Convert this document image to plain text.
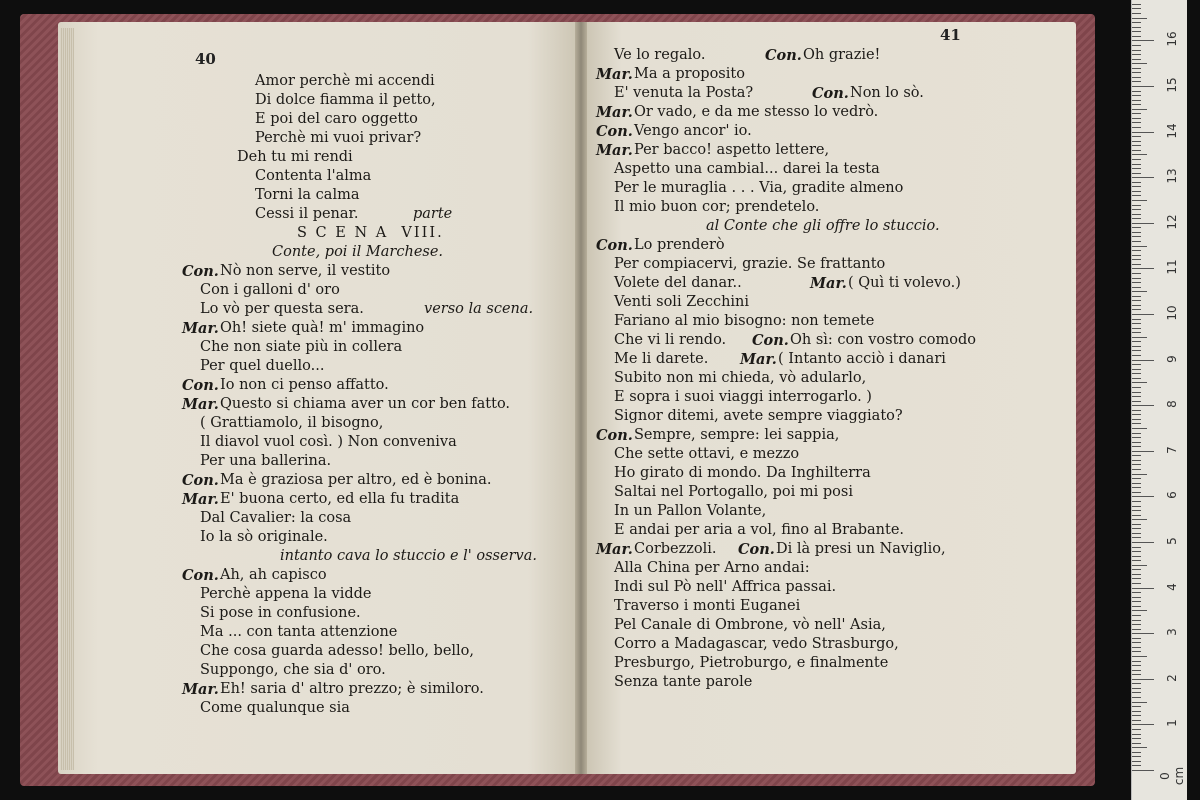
40
41
Amor perchè mi accendi
Di dolce fiamma il petto,
E poi del caro oggetto
Perchè mi vuoi privar?
Deh tu mi rendi
Contenta l'alma
Torni la calma
Cessi il penar.	parte
S C E N A  VIII.
Conte, poi il Marchese.
Con. Nò non serve, il vestito
Con i galloni d' oro
Lo vò per questa sera.	verso la scena.
Mar. Oh! siete quà! m' immagino
Che non siate più in collera
Per quel duello...
Con. Io non ci penso affatto.
Mar. Questo si chiama aver un cor ben fatto.
( Grattiamolo, il bisogno,
Il diavol vuol così. ) Non conveniva
Per una ballerina.
Con. Ma è graziosa per altro, ed è bonina.
Mar. E' buona certo, ed ella fu tradita
Dal Cavalier: la cosa
Io la sò originale.
intanto cava lo stuccio e l' osserva.
Con. Ah, ah capisco
Perchè appena la vidde
Si pose in confusione.
Ma ... con tanta attenzione
Che cosa guarda adesso! bello, bello,
Suppongo, che sia d' oro.
Mar. Eh! saria d' altro prezzo; è similoro.
Come qualunque sia
Ve lo regalo.	Con. Oh grazie!
Mar. Ma a proposito
E' venuta la Posta?	Con. Non lo sò.
Mar. Or vado, e da me stesso lo vedrò.
Con. Vengo ancor' io.
Mar. Per bacco! aspetto lettere,
Aspetto una cambial... darei la testa
Per le muraglia . . . Via, gradite almeno
Il mio buon cor; prendetelo.
al Conte che gli offre lo stuccio.
Con. Lo prenderò
Per compiacervi, grazie. Se frattanto
Volete del danar..	Mar. ( Quì ti volevo.)
Venti soli Zecchini
Fariano al mio bisogno: non temete
Che vi li rendo. Con. Oh sì: con vostro comodo
Me li darete. Mar. ( Intanto acciò i danari
Subito non mi chieda, vò adularlo,
E sopra i suoi viaggi interrogarlo. )
Signor ditemi, avete sempre viaggiato?
Con. Sempre, sempre: lei sappia,
Che sette ottavi, e mezzo
Ho girato di mondo. Da Inghilterra
Saltai nel Portogallo, poi mi posi
In un Pallon Volante,
E andai per aria a vol, fino al Brabante.
Mar. Corbezzoli. Con. Di là presi un Naviglio,
Alla China per Arno andai:
Indi sul Pò nell' Affrica passai.
Traverso i monti Euganei
Pel Canale di Ombrone, vò nell' Asia,
Corro a Madagascar, vedo Strasburgo,
Presburgo, Pietroburgo, e finalmente
Senza tante parole
0 cm
1
2
3
4
5
6
7
8
9
10
11
12
13
14
15
16
